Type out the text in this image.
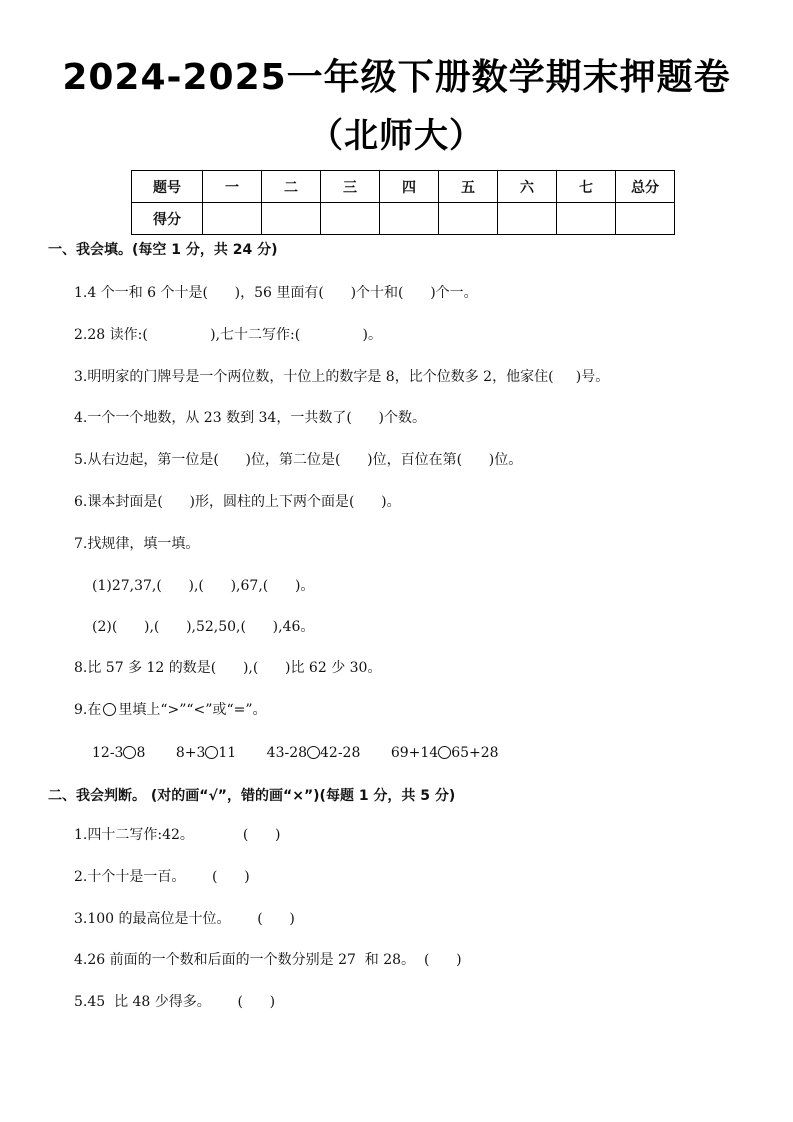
2024-2025一年级下册数学期末押题卷
（北师大）
题号	一	二	三	四	五	六	七	总分
得分								
一、我会填。(每空 1 分，共 24 分)
1.4 个一和 6 个十是(      )，56 里面有(      )个十和(      )个一。
2.28 读作:(              ),七十二写作:(              )。
3.明明家的门牌号是一个两位数，十位上的数字是 8，比个位数多 2，他家住(     )号。
4.一个一个地数，从 23 数到 34，一共数了(      )个数。
5.从右边起，第一位是(      )位，第二位是(      )位，百位在第(      )位。
6.课本封面是(      )形，圆柱的上下两个面是(      )。
7.找规律，填一填。
(1)27,37,(      ),(      ),67,(      )。
(2)(      ),(      ),52,50,(      ),46。
8.比 57 多 12 的数是(      ),(      )比 62 少 30。
9.在 里填上“>”“<”或“=”。
12-3 8 8+3 11 43-28 42-28 69+14 65+28
二、我会判断。 (对的画“√”，错的画“×”)(每题 1 分，共 5 分)
1.四十二写作:42。           (      )
2.十个十是一百。      (      )
3.100 的最高位是十位。      (      )
4.26 前面的一个数和后面的一个数分别是 27  和 28。  (      )
5.45  比 48 少得多。      (      )
